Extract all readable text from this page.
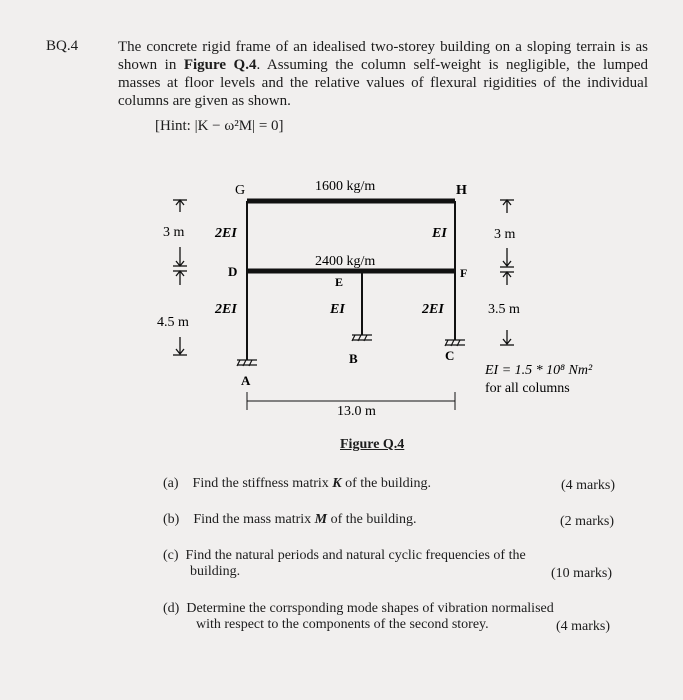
BQ.4	The concrete rigid frame of an idealised two-storey building on a sloping terrain is as shown in Figure Q.4. Assuming the column self-weight is negligible, the lumped masses at floor levels and the relative values of flexural rigidities of the individual columns are given as shown.
[Hint: |K − ω²M| = 0]
G	H
D	F
E
A
B	C
1600 kg/m
2400 kg/m
2EI	EI
2EI	EI	2EI
3 m
4.5 m
3 m
3.5 m
13.0 m
EI = 1.5 * 10⁸ Nm²
for all columns
Figure Q.4
(a) Find the stiffness matrix K of the building.	(4 marks)
(b) Find the mass matrix M of the building.	(2 marks)
(c) Find the natural periods and natural cyclic frequencies of the
building.	(10 marks)
(d) Determine the corrsponding mode shapes of vibration normalised
with respect to the components of the second storey.	(4 marks)
